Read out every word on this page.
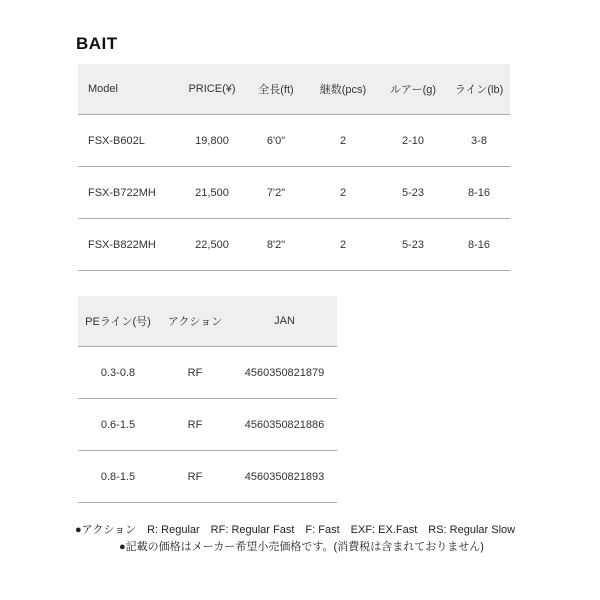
BAIT
Model	PRICE(¥)	全長(ft)	継数(pcs)	ルアー(g)	ライン(lb)
FSX-B602L	19,800	6'0"	2	2-10	3-8
FSX-B722MH	21,500	7'2"	2	5-23	8-16
FSX-B822MH	22,500	8'2"	2	5-23	8-16
PEライン(号)	アクション	JAN
0.3-0.8	RF	4560350821879
0.6-1.5	RF	4560350821886
0.8-1.5	RF	4560350821893
●アクション　R: Regular　RF: Regular Fast　F: Fast　EXF: EX.Fast　RS: Regular Slow
●記載の価格はメーカー希望小売価格です。(消費税は含まれておりません)
